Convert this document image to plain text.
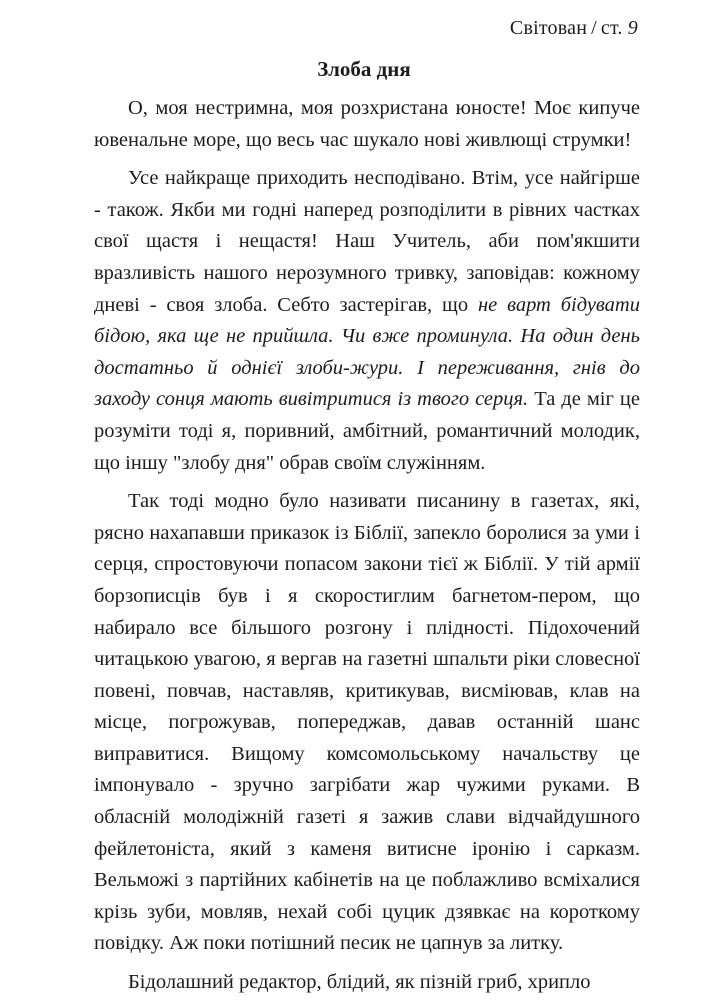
Світован / ст. 9
Злоба дня

О, моя нестримна, моя розхристана юносте! Моє кипуче ювенальне море, що весь час шукало нові живлющі струмки!

Усе найкраще приходить несподівано. Втім, усе найгірше - також. Якби ми годні наперед розподілити в рівних частках свої щастя і нещастя! Наш Учитель, аби пом'якшити вразливість нашого нерозумного тривку, заповідав: кожному дневі - своя злоба. Себто застерігав, що не варт бідувати бідою, яка ще не прийшла. Чи вже проминула. На один день достатньо й однієї злоби-жури. І переживання, гнів до заходу сонця мають вивітритися із твого серця. Та де міг це розуміти тоді я, поривний, амбітний, романтичний молодик, що іншу "злобу дня" обрав своїм служінням.

Так тоді модно було називати писанину в газетах, які, рясно нахапавши приказок із Біблії, запекло боролися за уми і серця, спростовуючи попасом закони тієї ж Біблії. У тій армії борзописців був і я скоростиглим багнетом-пером, що набирало все більшого розгону і плідності. Підохочений читацькою увагою, я вергав на газетні шпальти ріки словесної повені, повчав, наставляв, критикував, висміював, клав на місце, погрожував, попереджав, давав останній шанс виправитися. Вищому комсомольському начальству це імпонувало - зручно загрібати жар чужими руками. В обласній молодіжній газеті я зажив слави відчайдушного фейлетоніста, який з каменя витисне іронію і сарказм. Вельможі з партійних кабінетів на це поблажливо всміхалися крізь зуби, мовляв, нехай собі цуцик дзявкає на короткому повідку. Аж поки потішний песик не цапнув за литку.

Бідолашний редактор, блідий, як пізній гриб, хрипло
